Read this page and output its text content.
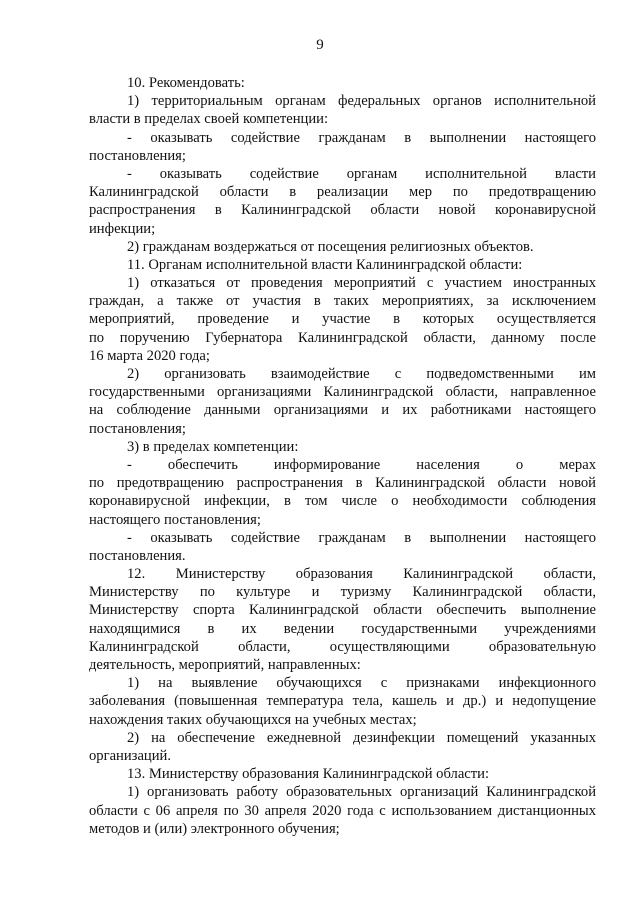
9
10. Рекомендовать:
1) территориальным органам федеральных органов исполнительной
власти в пределах своей компетенции:
- оказывать содействие гражданам в выполнении настоящего
постановления;
- оказывать содействие органам исполнительной власти
Калининградской области в реализации мер по предотвращению
распространения в Калининградской области новой коронавирусной
инфекции;
2) гражданам воздержаться от посещения религиозных объектов.
11. Органам исполнительной власти Калининградской области:
1) отказаться от проведения мероприятий с участием иностранных
граждан, а также от участия в таких мероприятиях, за исключением
мероприятий, проведение и участие в которых осуществляется
по поручению Губернатора Калининградской области, данному после
16 марта 2020 года;
2) организовать взаимодействие с подведомственными им
государственными организациями Калининградской области, направленное
на соблюдение данными организациями и их работниками настоящего
постановления;
3) в пределах компетенции:
- обеспечить информирование населения о мерах
по предотвращению распространения в Калининградской области новой
коронавирусной инфекции, в том числе о необходимости соблюдения
настоящего постановления;
- оказывать содействие гражданам в выполнении настоящего
постановления.
12. Министерству образования Калининградской области,
Министерству по культуре и туризму Калининградской области,
Министерству спорта Калининградской области обеспечить выполнение
находящимися в их ведении государственными учреждениями
Калининградской области, осуществляющими образовательную
деятельность, мероприятий, направленных:
1) на выявление обучающихся с признаками инфекционного
заболевания (повышенная температура тела, кашель и др.) и недопущение
нахождения таких обучающихся на учебных местах;
2) на обеспечение ежедневной дезинфекции помещений указанных
организаций.
13. Министерству образования Калининградской области:
1) организовать работу образовательных организаций Калининградской
области с 06 апреля по 30 апреля 2020 года с использованием дистанционных
методов и (или) электронного обучения;
